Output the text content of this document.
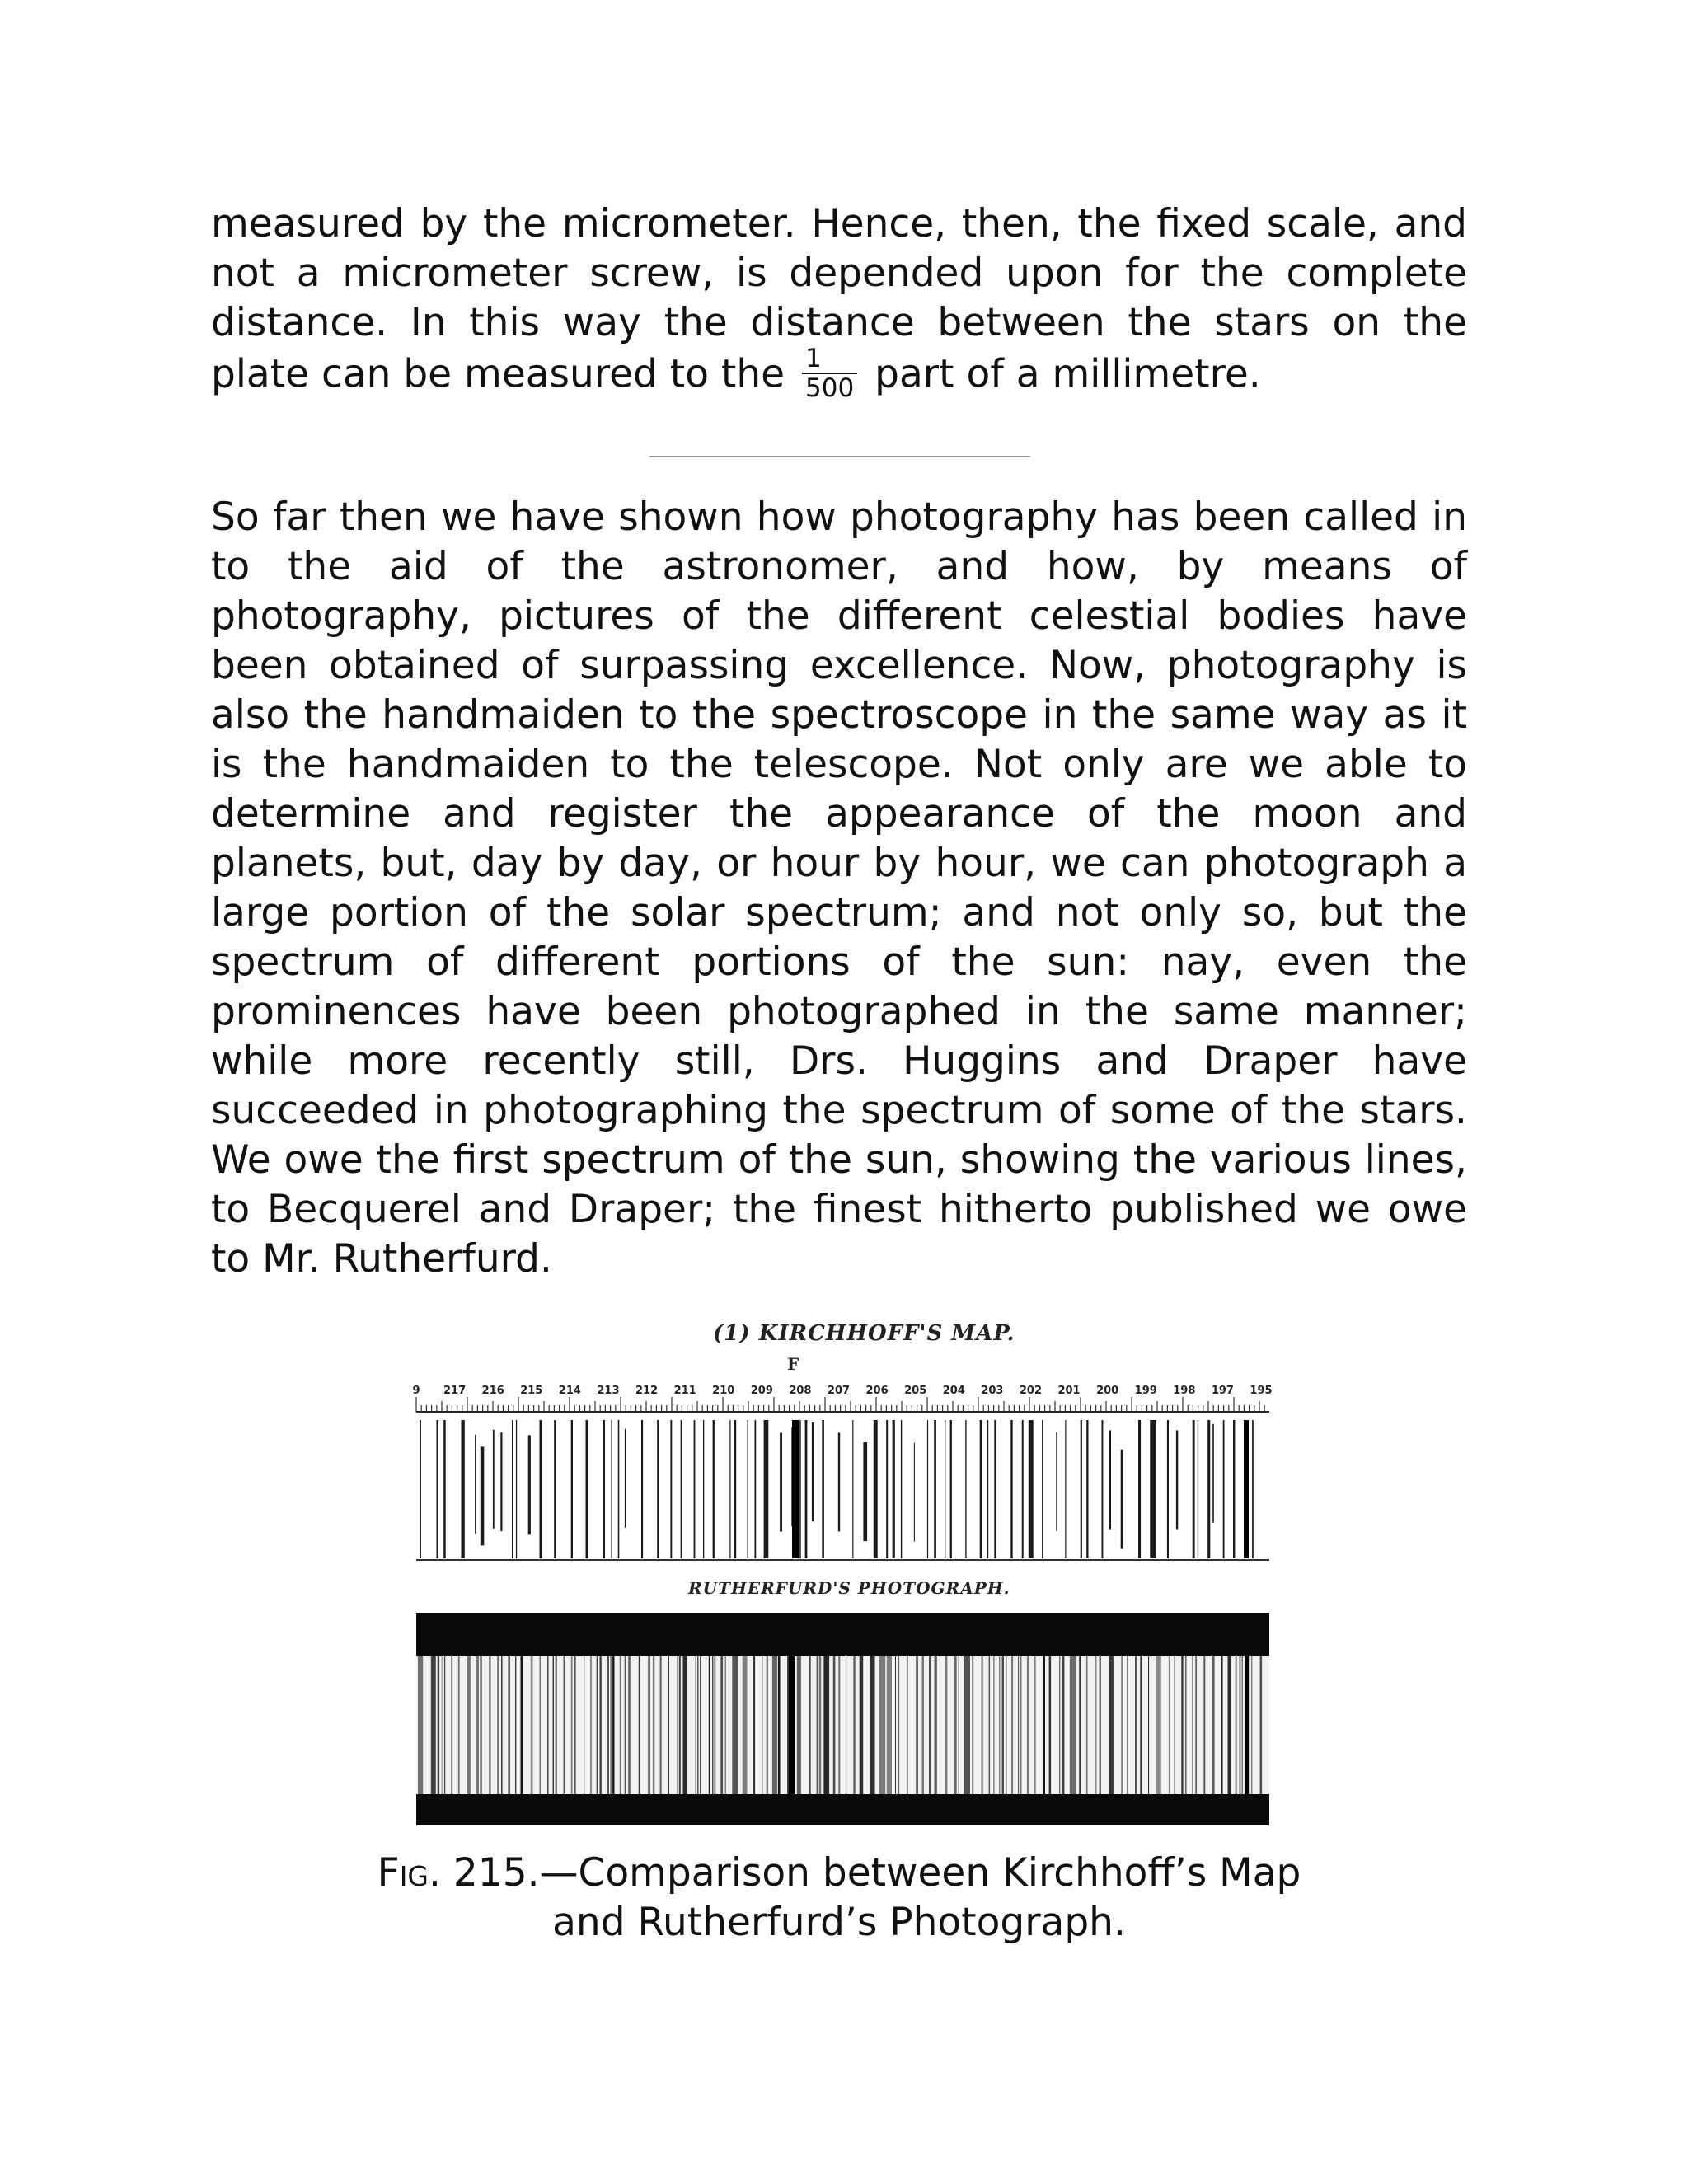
measured by the micrometer. Hence, then, the fixed scale, and not a micrometer screw, is depended upon for the complete distance. In this way the distance between the stars on the plate can be measured to the $\frac{1}{500}$ part of a millimetre.

So far then we have shown how photography has been called in to the aid of the astronomer, and how, by means of photography, pictures of the different celestial bodies have been obtained of surpassing excellence. Now, photography is also the handmaiden to the spectroscope in the same way as it is the handmaiden to the telescope. Not only are we able to determine and register the appearance of the moon and planets, but, day by day, or hour by hour, we can photograph a large portion of the solar spectrum; and not only so, but the spectrum of different portions of the sun: nay, even the prominences have been photographed in the same manner; while more recently still, Drs. Huggins and Draper have succeeded in photographing the spectrum of some of the stars. We owe the first spectrum of the sun, showing the various lines, to Becquerel and Draper; the finest hitherto published we owe to Mr. Rutherfurd.

(1) KIRCHHOFF'S MAP.
F
9 217 216 215 214 213 212 211 210 209 208 207 206 205 204 203 202 201 200 199 198 197 195
RUTHERFURD'S PHOTOGRAPH.

Fig. 215.—Comparison between Kirchhoff’s Map
and Rutherfurd’s Photograph.
